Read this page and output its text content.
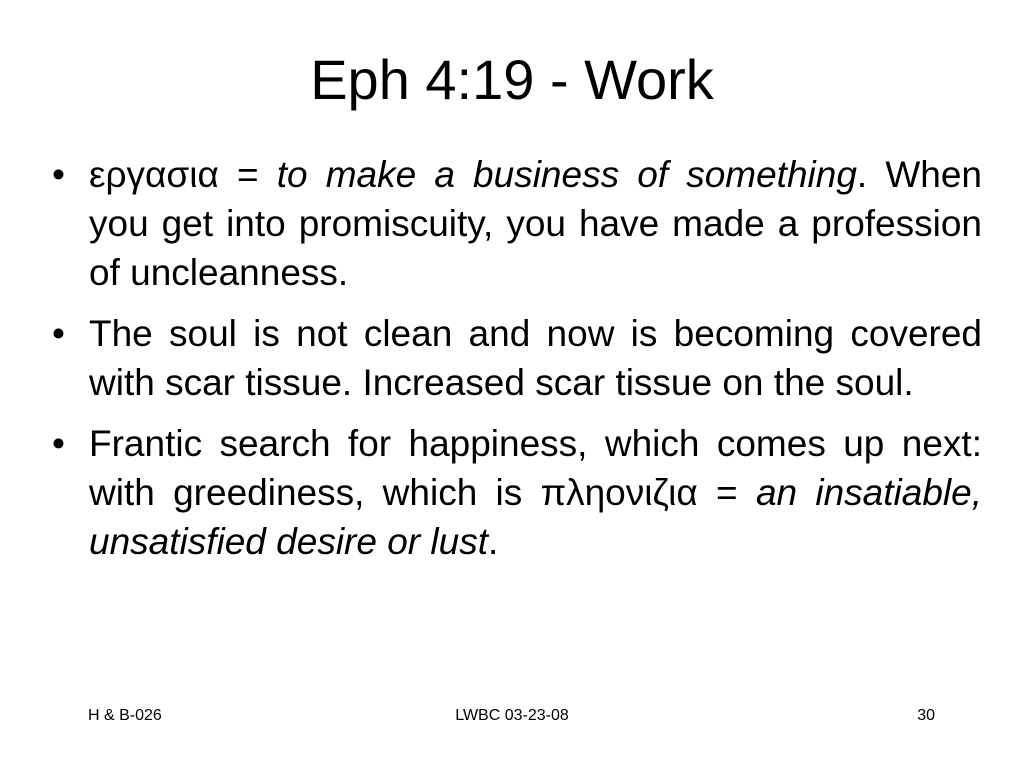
Eph 4:19 - Work
• εργασια = to make a business of something. When you get into promiscuity, you have made a profession of uncleanness.
• The soul is not clean and now is becoming covered with scar tissue. Increased scar tissue on the soul.
• Frantic search for happiness, which comes up next: with greediness, which is πληονιζια = an insatiable, unsatisfied desire or lust.
H & B-026	LWBC 03-23-08	30
